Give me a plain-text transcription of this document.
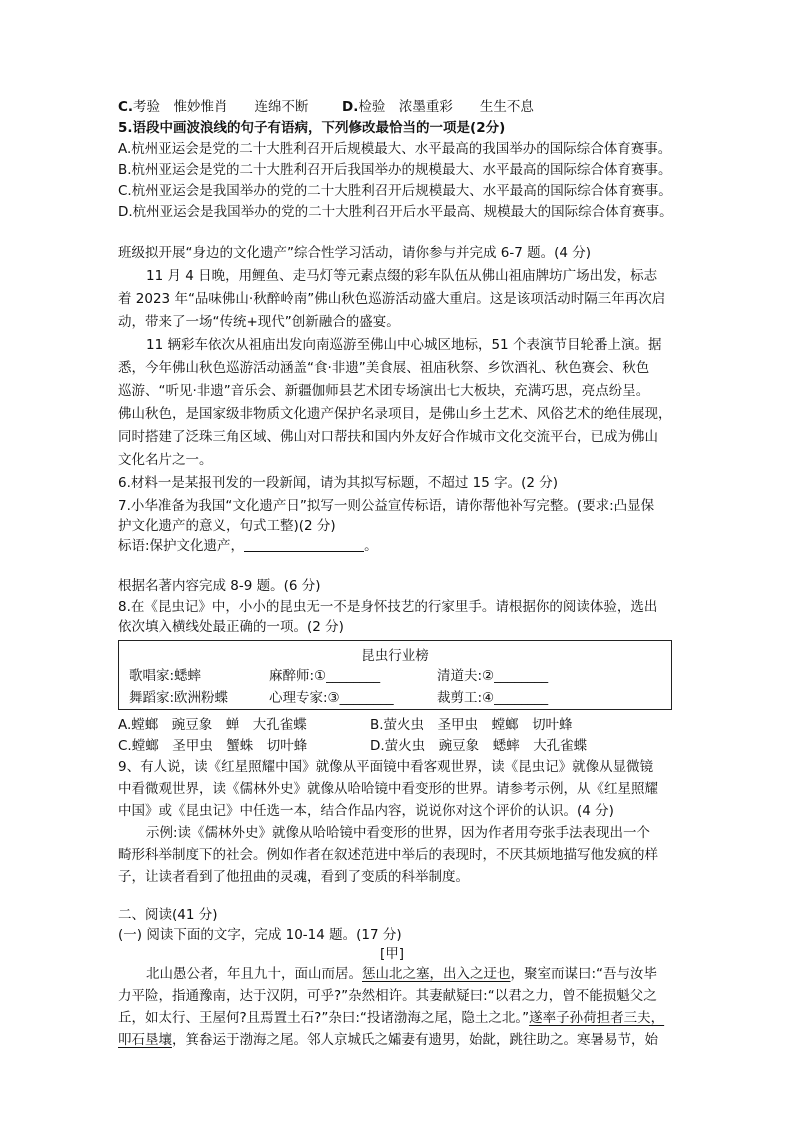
C.考验　惟妙惟肖　　连绵不断 D.检验　浓墨重彩　　生生不息
5.语段中画波浪线的句子有语病，下列修改最恰当的一项是(2分)
A.杭州亚运会是党的二十大胜利召开后规模最大、水平最高的我国举办的国际综合体育赛事。
B.杭州亚运会是党的二十大胜利召开后我国举办的规模最大、水平最高的国际综合体育赛事。
C.杭州亚运会是我国举办的党的二十大胜利召开后规模最大、水平最高的国际综合体育赛事。
D.杭州亚运会是我国举办的党的二十大胜利召开后水平最高、规模最大的国际综合体育赛事。
班级拟开展“身边的文化遗产”综合性学习活动，请你参与并完成 6-7 题。(4 分)
11 月 4 日晚，用鲤鱼、走马灯等元素点缀的彩车队伍从佛山祖庙牌坊广场出发，标志
着 2023 年“品味佛山·秋醉岭南”佛山秋色巡游活动盛大重启。这是该项活动时隔三年再次启
动，带来了一场“传统+现代”创新融合的盛宴。
11 辆彩车依次从祖庙出发向南巡游至佛山中心城区地标，51 个表演节目轮番上演。据
悉，今年佛山秋色巡游活动涵盖“食·非遗”美食展、祖庙秋祭、乡饮酒礼、秋色赛会、秋色
巡游、“听见·非遗”音乐会、新疆伽师县艺术团专场演出七大板块，充满巧思，亮点纷呈。
佛山秋色，是国家级非物质文化遗产保护名录项目，是佛山乡土艺术、风俗艺术的绝佳展现，
同时搭建了泛珠三角区域、佛山对口帮扶和国内外友好合作城市文化交流平台，已成为佛山
文化名片之一。
6.材料一是某报刊发的一段新闻，请为其拟写标题，不超过 15 字。(2 分)
7.小华准备为我国“文化遗产日”拟写一则公益宣传标语，请你帮他补写完整。(要求:凸显保
护文化遗产的意义，句式工整)(2 分)
标语:保护文化遗产，	。
根据名著内容完成 8-9 题。(6 分)
8.在《昆虫记》中，小小的昆虫无一不是身怀技艺的行家里手。请根据你的阅读体验，选出
昆虫行业榜
歌唱家:蟋蟀	麻醉师:①________	清道夫:②________
舞蹈家:欧洲粉蝶	心理专家:③________	裁剪工:④________
依次填入横线处最正确的一项。(2 分)
A.螳螂　 豌豆象　 蝉　 大孔雀蝶	B.萤火虫　 圣甲虫　 螳螂　 切叶蜂
C.螳螂　 圣甲虫　 蟹蛛　 切叶蜂	D.萤火虫　 豌豆象　 蟋蟀　 大孔雀蝶
9、有人说，读《红星照耀中国》就像从平面镜中看客观世界，读《昆虫记》就像从显微镜
中看微观世界，读《儒林外史》就像从哈哈镜中看变形的世界。请参考示例，从《红星照耀
中国》或《昆虫记》中任选一本，结合作品内容，说说你对这个评价的认识。(4 分)
示例:读《儒林外史》就像从哈哈镜中看变形的世界，因为作者用夸张手法表现出一个
畸形科举制度下的社会。例如作者在叙述范进中举后的表现时，不厌其烦地描写他发疯的样
子，让读者看到了他扭曲的灵魂，看到了变质的科举制度。
二、阅读(41 分)
(一) 阅读下面的文字，完成 10-14 题。(17 分)
[甲]
北山愚公者，年且九十，面山而居。惩山北之塞，出入之迂也，聚室而谋曰:“吾与汝毕
力平险，指通豫南，达于汉阴，可乎?”杂然相许。其妻献疑曰:“以君之力，曾不能损魁父之
丘，如太行、王屋何?且焉置土石?”杂曰:“投诸渤海之尾，隐土之北。”遂率子孙荷担者三夫，
叩石垦壤，箕畚运于渤海之尾。邻人京城氏之孀妻有遗男，始龀，跳往助之。寒暑易节，始
